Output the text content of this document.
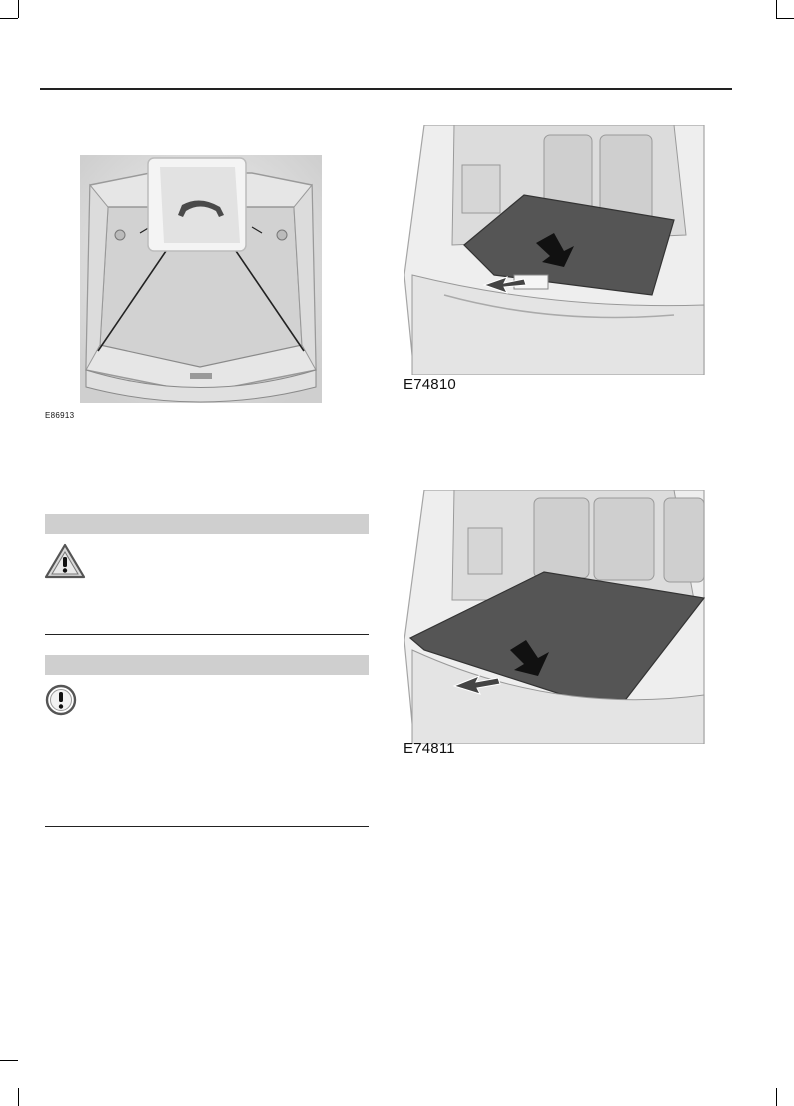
E86913
E74810
E74811
